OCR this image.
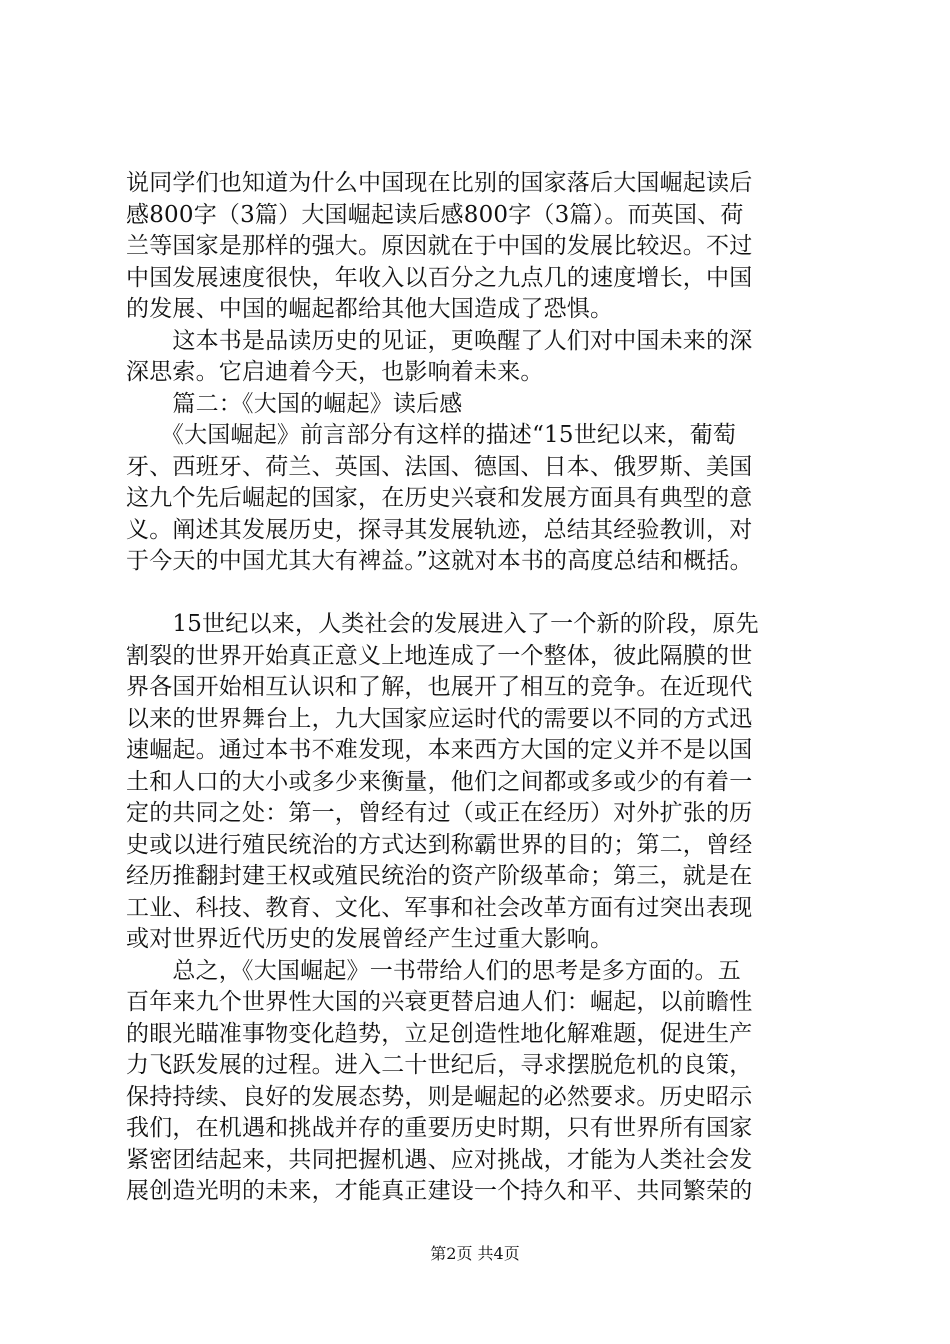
说同学们也知道为什么中国现在比别的国家落后大国崛起读后
感800字（3篇）大国崛起读后感800字（3篇）。而英国、荷
兰等国家是那样的强大。原因就在于中国的发展比较迟。不过
中国发展速度很快，年收入以百分之九点几的速度增长，中国
的发展、中国的崛起都给其他大国造成了恐惧。
　　这本书是品读历史的见证，更唤醒了人们对中国未来的深
深思索。它启迪着今天，也影响着未来。
　　篇二：《大国的崛起》读后感
　　《大国崛起》前言部分有这样的描述“15世纪以来，葡萄
牙、西班牙、荷兰、英国、法国、德国、日本、俄罗斯、美国
这九个先后崛起的国家，在历史兴衰和发展方面具有典型的意
义。阐述其发展历史，探寻其发展轨迹，总结其经验教训，对
于今天的中国尤其大有裨益。”这就对本书的高度总结和概括。
　　15世纪以来，人类社会的发展进入了一个新的阶段，原先
割裂的世界开始真正意义上地连成了一个整体，彼此隔膜的世
界各国开始相互认识和了解，也展开了相互的竞争。在近现代
以来的世界舞台上，九大国家应运时代的需要以不同的方式迅
速崛起。通过本书不难发现，本来西方大国的定义并不是以国
土和人口的大小或多少来衡量，他们之间都或多或少的有着一
定的共同之处：第一，曾经有过（或正在经历）对外扩张的历
史或以进行殖民统治的方式达到称霸世界的目的；第二，曾经
经历推翻封建王权或殖民统治的资产阶级革命；第三，就是在
工业、科技、教育、文化、军事和社会改革方面有过突出表现
或对世界近代历史的发展曾经产生过重大影响。
　　总之，《大国崛起》一书带给人们的思考是多方面的。五
百年来九个世界性大国的兴衰更替启迪人们：崛起，以前瞻性
的眼光瞄准事物变化趋势，立足创造性地化解难题，促进生产
力飞跃发展的过程。进入二十世纪后，寻求摆脱危机的良策，
保持持续、良好的发展态势，则是崛起的必然要求。历史昭示
我们，在机遇和挑战并存的重要历史时期，只有世界所有国家
紧密团结起来，共同把握机遇、应对挑战，才能为人类社会发
展创造光明的未来，才能真正建设一个持久和平、共同繁荣的
第2页 共4页
